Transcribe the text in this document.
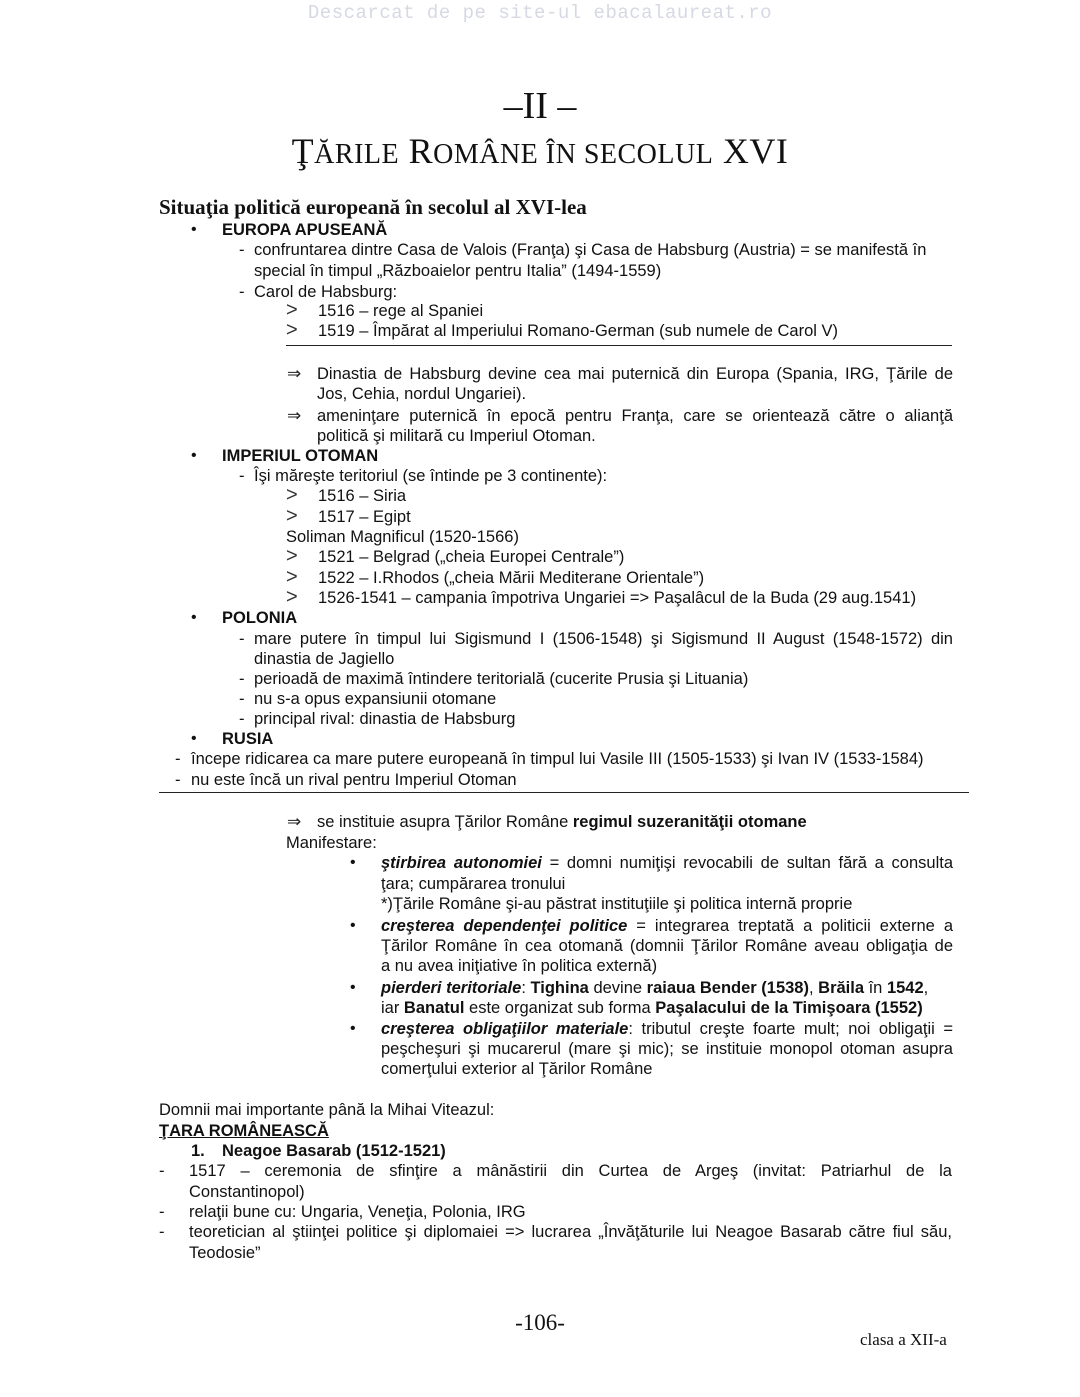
Descarcat de pe site-ul ebacalaureat.ro
–II –
ŢĂRILE ROMÂNE ÎN SECOLUL XVI
Situaţia politică europeană în secolul al XVI-lea
• EUROPA APUSEANĂ
- confruntarea dintre Casa de Valois (Franţa) şi Casa de Habsburg (Austria) = se manifestă în
special în timpul „Războaielor pentru Italia” (1494-1559)
- Carol de Habsburg:
> 1516 – rege al Spaniei
> 1519 – Împărat al Imperiului Romano-German (sub numele de Carol V)
⇒ Dinastia de Habsburg devine cea mai puternică din Europa (Spania, IRG, Ţările de
Jos, Cehia, nordul Ungariei).
⇒ ameninţare puternică în epocă pentru Franţa, care se orientează către o alianţă
politică şi militară cu Imperiul Otoman.
• IMPERIUL OTOMAN
- Îşi măreşte teritoriul (se întinde pe 3 continente):
> 1516 – Siria
> 1517 – Egipt
Soliman Magnificul (1520-1566)
> 1521 – Belgrad („cheia Europei Centrale”)
> 1522 – I.Rhodos („cheia Mării Mediterane Orientale”)
> 1526-1541 – campania împotriva Ungariei => Paşalâcul de la Buda (29 aug.1541)
• POLONIA
- mare putere în timpul lui Sigismund I (1506-1548) şi Sigismund II August (1548-1572) din
dinastia de Jagiello
- perioadă de maximă întindere teritorială (cucerite Prusia şi Lituania)
- nu s-a opus expansiunii otomane
- principal rival: dinastia de Habsburg
• RUSIA
- începe ridicarea ca mare putere europeană în timpul lui Vasile III (1505-1533) şi Ivan IV (1533-1584)
- nu este încă un rival pentru Imperiul Otoman
⇒ se instituie asupra Ţărilor Române regimul suzeranităţii otomane
Manifestare:
• ştirbirea autonomiei = domni numiţişi revocabili de sultan fără a consulta
ţara; cumpărarea tronului
*)Ţările Române şi-au păstrat instituţiile şi politica internă proprie
• creşterea dependenţei politice = integrarea treptată a politicii externe a
Ţărilor Române în cea otomană (domnii Ţărilor Române aveau obligaţia de
a nu avea iniţiative în politica externă)
• pierderi teritoriale: Tighina devine raiaua Bender (1538), Brăila în 1542,
iar Banatul este organizat sub forma Paşalacului de la Timişoara (1552)
• creşterea obligaţiilor materiale: tributul creşte foarte mult; noi obligaţii =
peşcheşuri şi mucarerul (mare şi mic); se instituie monopol otoman asupra
comerţului exterior al Ţărilor Române
Domnii mai importante până la Mihai Viteazul:
ŢARA ROMÂNEASCĂ
1. Neagoe Basarab (1512-1521)
- 1517 – ceremonia de sfinţire a mânăstirii din Curtea de Argeş (invitat: Patriarhul de la
Constantinopol)
- relaţii bune cu: Ungaria, Veneţia, Polonia, IRG
- teoretician al ştiinţei politice şi diplomaiei => lucrarea „Învăţăturile lui Neagoe Basarab către fiul său,
Teodosie”
-106-
clasa a XII-a
